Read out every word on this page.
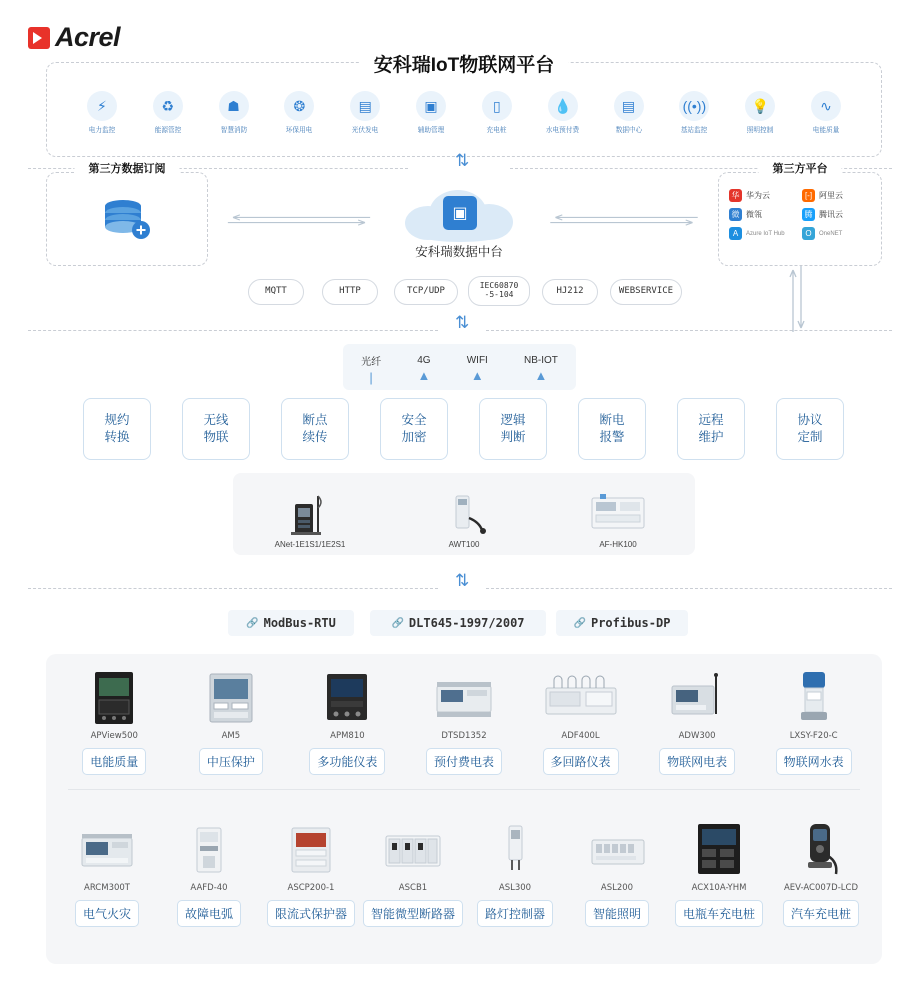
Acrel
安科瑞IoT物联网平台
⚡
电力监控
♻
能源管控
☗
智慧消防
❂
环保用电
▤
光伏发电
▣
辅助管理
▯
充电桩
💧
水电预付费
▤
数据中心
((•))
基站监控
💡
照明控制
∿
电能质量
⇅
第三方数据订阅	第三方平台
华 华为云	[-] 阿里云
微 微瓴	腾 腾讯云
A	Azure IoT Hub	O	OneNET
▣
安科瑞数据中台
MQTT	HTTP	TCP/UDP
IEC60870
-5-104	HJ212	WEBSERVICE
⇅
光纤
|
4G
▲
WIFI
▲
NB-IOT
▲
ANet-1E1S1/1E2S1	AWT100	AF-HK100
⇅
🔗 ModBus-RTU	🔗 DLT645-1997/2007	🔗 Profibus-DP
APView500
电能质量
AM5
中压保护
APM810
多功能仪表
DTSD1352
预付费电表
ADF400L
多回路仪表
ADW300
物联网电表
LXSY-F20-C
物联网水表
ARCM300T
电气火灾
AAFD-40
故障电弧
ASCP200-1
限流式保护器
ASCB1
智能微型断路器
ASL300
路灯控制器
ASL200
智能照明
ACX10A-YHM
电瓶车充电桩
AEV-AC007D-LCD
汽车充电桩
规约
转换
无线
物联
断点
续传
安全
加密
逻辑
判断
断电
报警
远程
维护
协议
定制
